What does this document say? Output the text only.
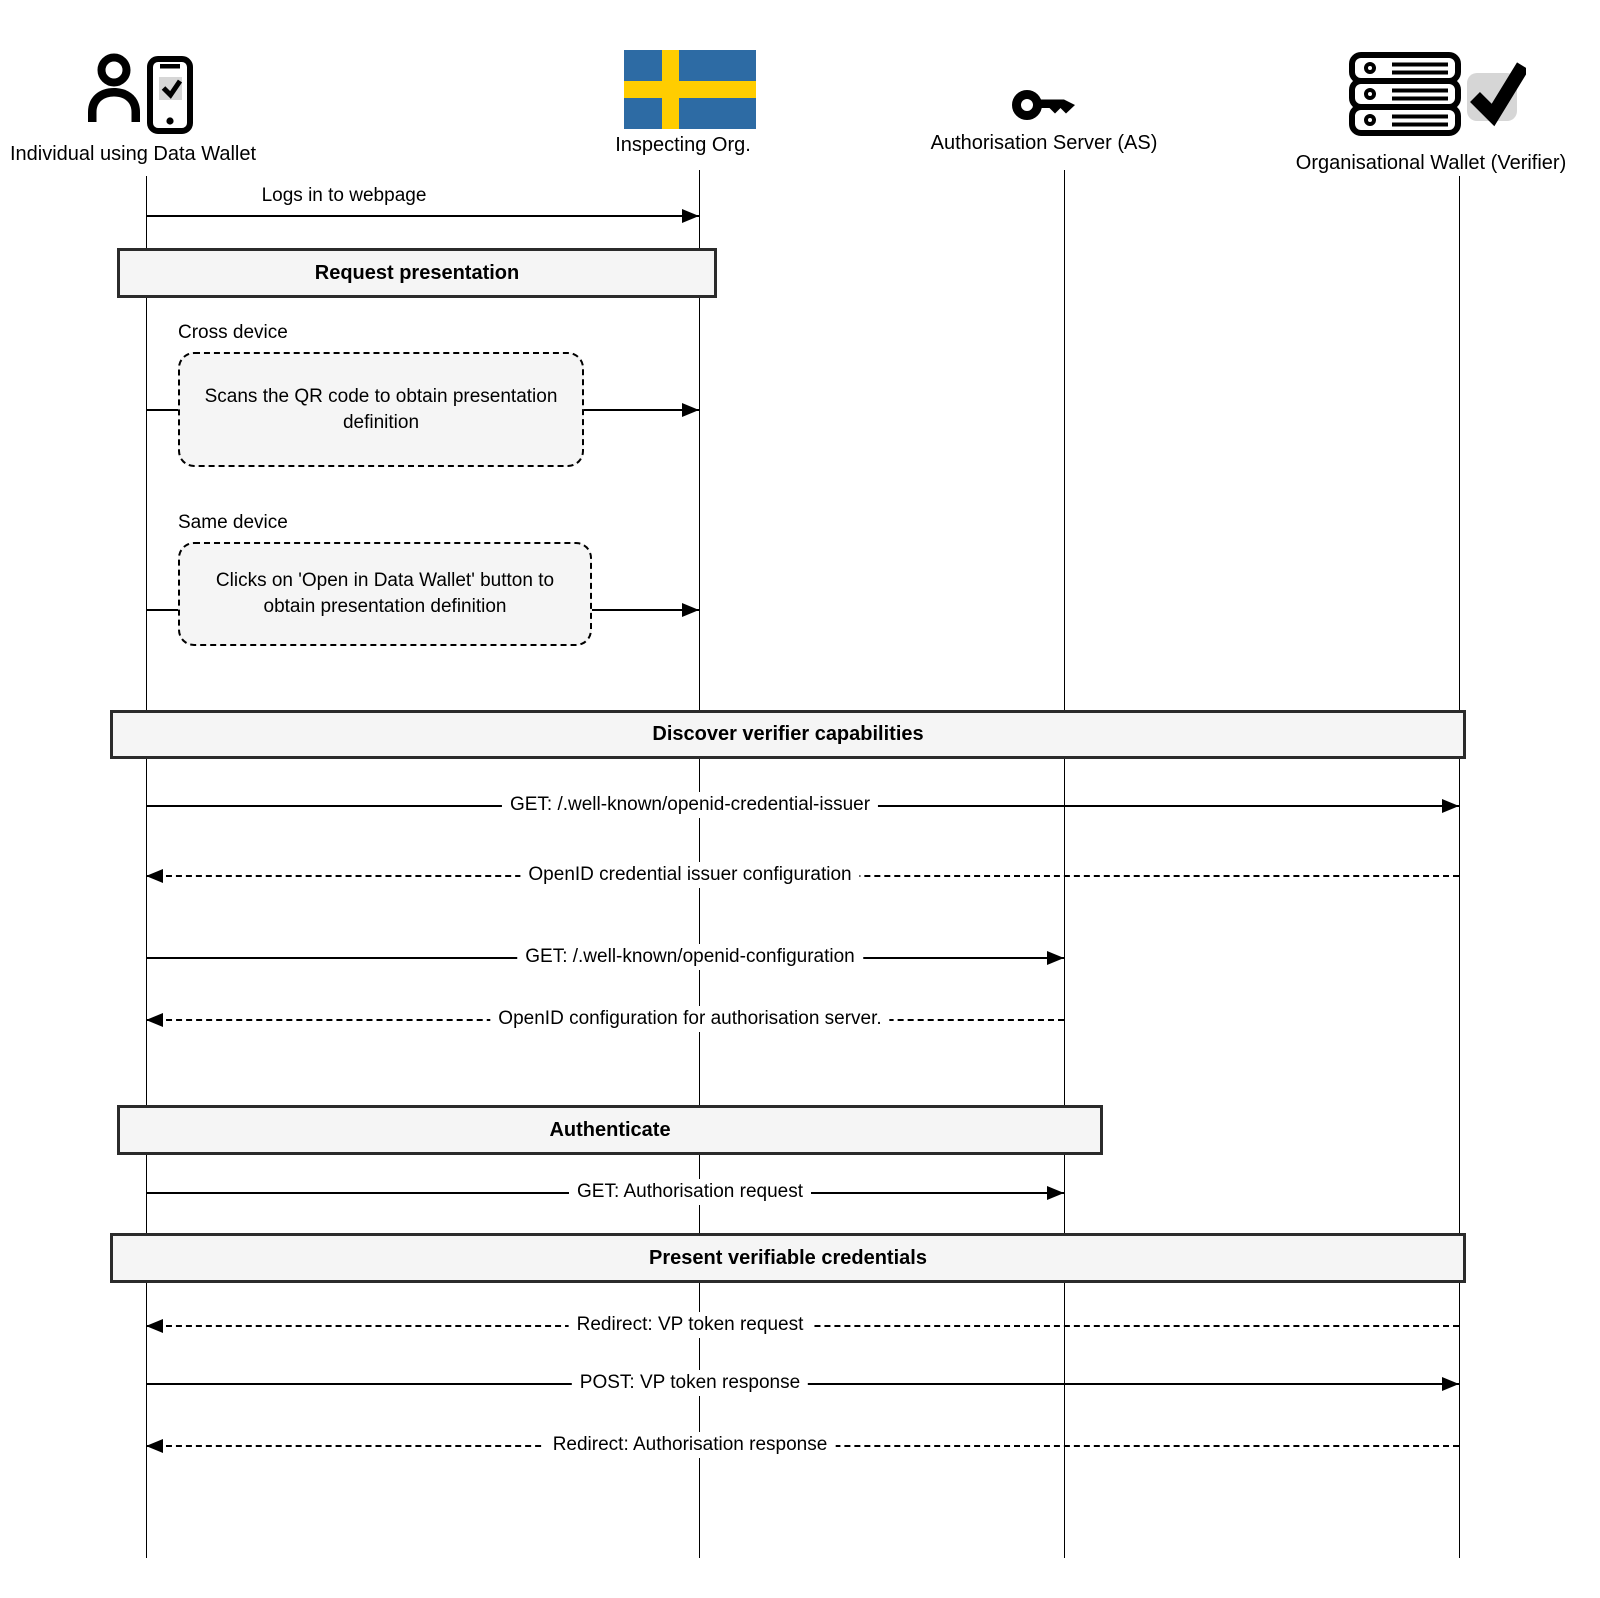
Individual using Data Wallet	Inspecting Org.	Authorisation Server (AS)
Organisational Wallet (Verifier)
Logs in to webpage
Request presentation
Cross device
Scans the QR code to obtain presentation definition
Same device
Clicks on 'Open in Data Wallet' button to obtain presentation definition
Discover verifier capabilities
GET: /.well-known/openid-credential-issuer
OpenID credential issuer configuration
GET: /.well-known/openid-configuration
OpenID configuration for authorisation server.
Authenticate
GET: Authorisation request
Present verifiable credentials
Redirect: VP token request
POST: VP token response
Redirect: Authorisation response
